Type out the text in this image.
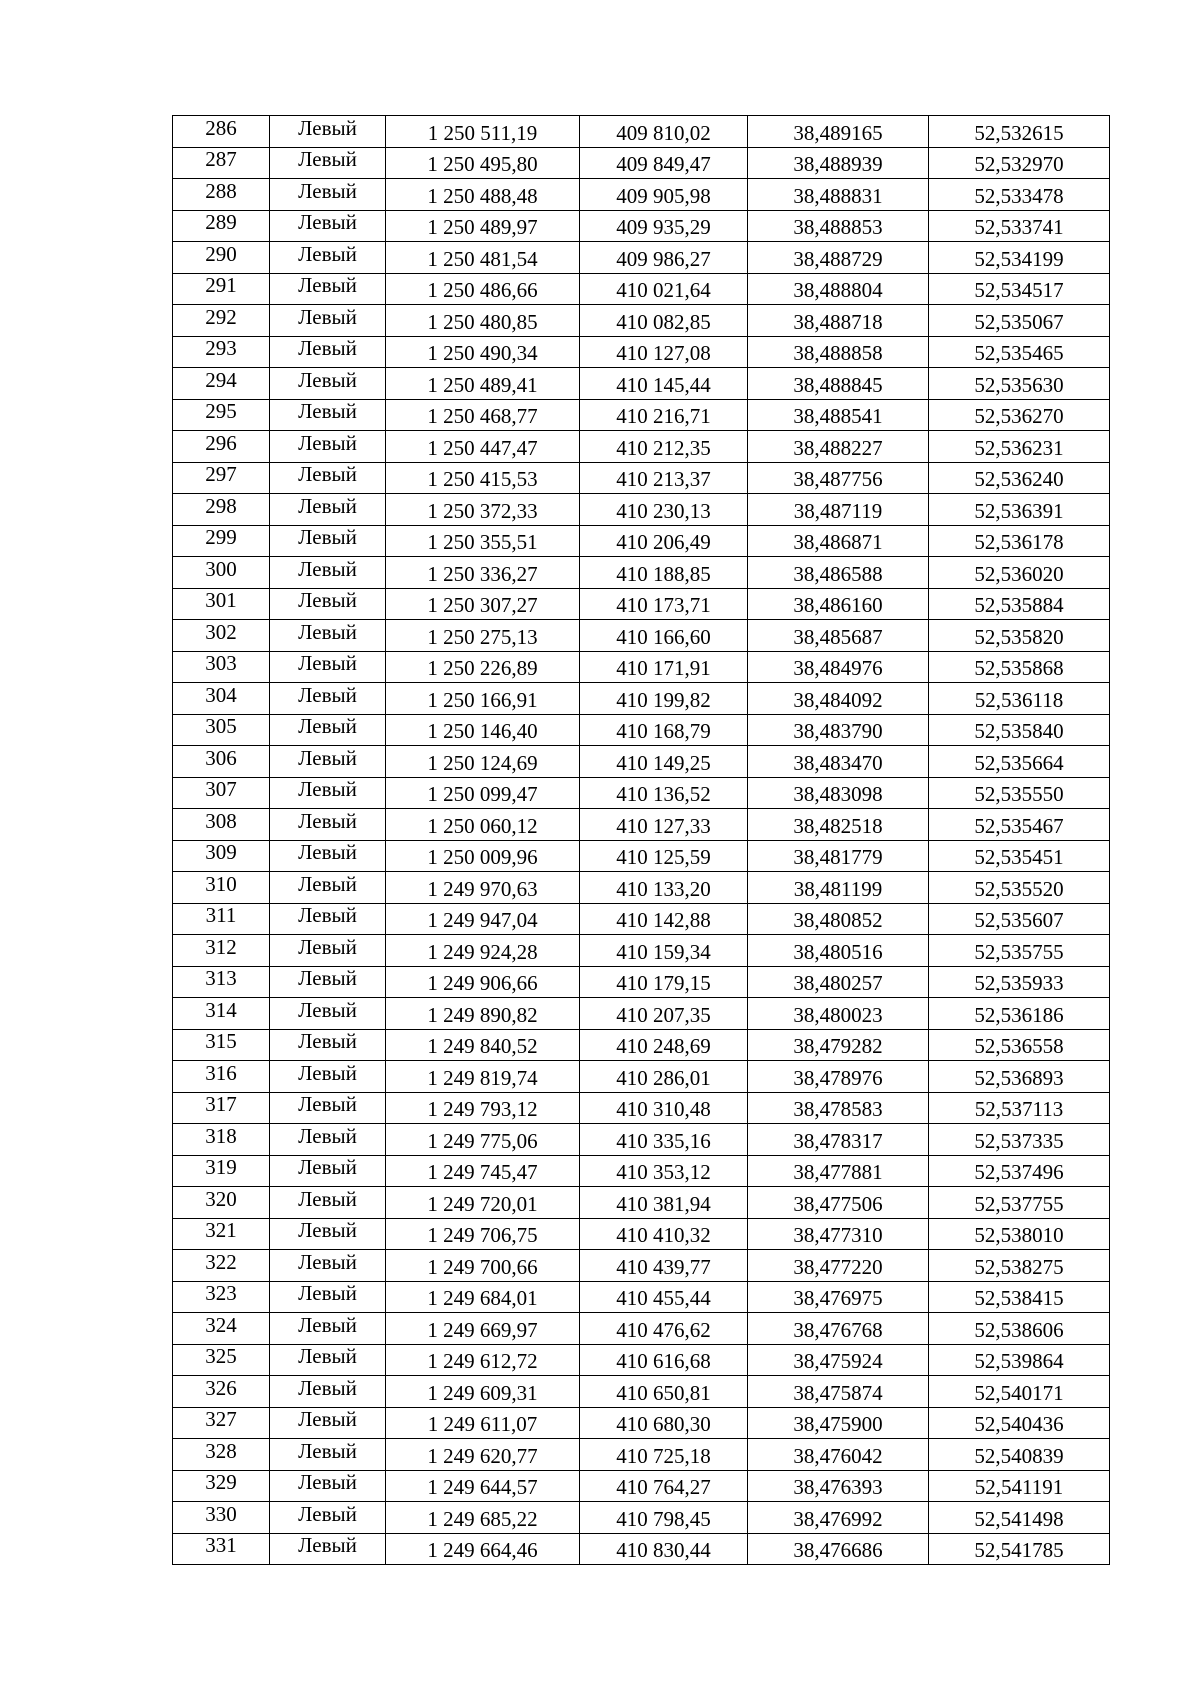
286	Левый	1 250 511,19	409 810,02	38,489165	52,532615
287	Левый	1 250 495,80	409 849,47	38,488939	52,532970
288	Левый	1 250 488,48	409 905,98	38,488831	52,533478
289	Левый	1 250 489,97	409 935,29	38,488853	52,533741
290	Левый	1 250 481,54	409 986,27	38,488729	52,534199
291	Левый	1 250 486,66	410 021,64	38,488804	52,534517
292	Левый	1 250 480,85	410 082,85	38,488718	52,535067
293	Левый	1 250 490,34	410 127,08	38,488858	52,535465
294	Левый	1 250 489,41	410 145,44	38,488845	52,535630
295	Левый	1 250 468,77	410 216,71	38,488541	52,536270
296	Левый	1 250 447,47	410 212,35	38,488227	52,536231
297	Левый	1 250 415,53	410 213,37	38,487756	52,536240
298	Левый	1 250 372,33	410 230,13	38,487119	52,536391
299	Левый	1 250 355,51	410 206,49	38,486871	52,536178
300	Левый	1 250 336,27	410 188,85	38,486588	52,536020
301	Левый	1 250 307,27	410 173,71	38,486160	52,535884
302	Левый	1 250 275,13	410 166,60	38,485687	52,535820
303	Левый	1 250 226,89	410 171,91	38,484976	52,535868
304	Левый	1 250 166,91	410 199,82	38,484092	52,536118
305	Левый	1 250 146,40	410 168,79	38,483790	52,535840
306	Левый	1 250 124,69	410 149,25	38,483470	52,535664
307	Левый	1 250 099,47	410 136,52	38,483098	52,535550
308	Левый	1 250 060,12	410 127,33	38,482518	52,535467
309	Левый	1 250 009,96	410 125,59	38,481779	52,535451
310	Левый	1 249 970,63	410 133,20	38,481199	52,535520
311	Левый	1 249 947,04	410 142,88	38,480852	52,535607
312	Левый	1 249 924,28	410 159,34	38,480516	52,535755
313	Левый	1 249 906,66	410 179,15	38,480257	52,535933
314	Левый	1 249 890,82	410 207,35	38,480023	52,536186
315	Левый	1 249 840,52	410 248,69	38,479282	52,536558
316	Левый	1 249 819,74	410 286,01	38,478976	52,536893
317	Левый	1 249 793,12	410 310,48	38,478583	52,537113
318	Левый	1 249 775,06	410 335,16	38,478317	52,537335
319	Левый	1 249 745,47	410 353,12	38,477881	52,537496
320	Левый	1 249 720,01	410 381,94	38,477506	52,537755
321	Левый	1 249 706,75	410 410,32	38,477310	52,538010
322	Левый	1 249 700,66	410 439,77	38,477220	52,538275
323	Левый	1 249 684,01	410 455,44	38,476975	52,538415
324	Левый	1 249 669,97	410 476,62	38,476768	52,538606
325	Левый	1 249 612,72	410 616,68	38,475924	52,539864
326	Левый	1 249 609,31	410 650,81	38,475874	52,540171
327	Левый	1 249 611,07	410 680,30	38,475900	52,540436
328	Левый	1 249 620,77	410 725,18	38,476042	52,540839
329	Левый	1 249 644,57	410 764,27	38,476393	52,541191
330	Левый	1 249 685,22	410 798,45	38,476992	52,541498
331	Левый	1 249 664,46	410 830,44	38,476686	52,541785
